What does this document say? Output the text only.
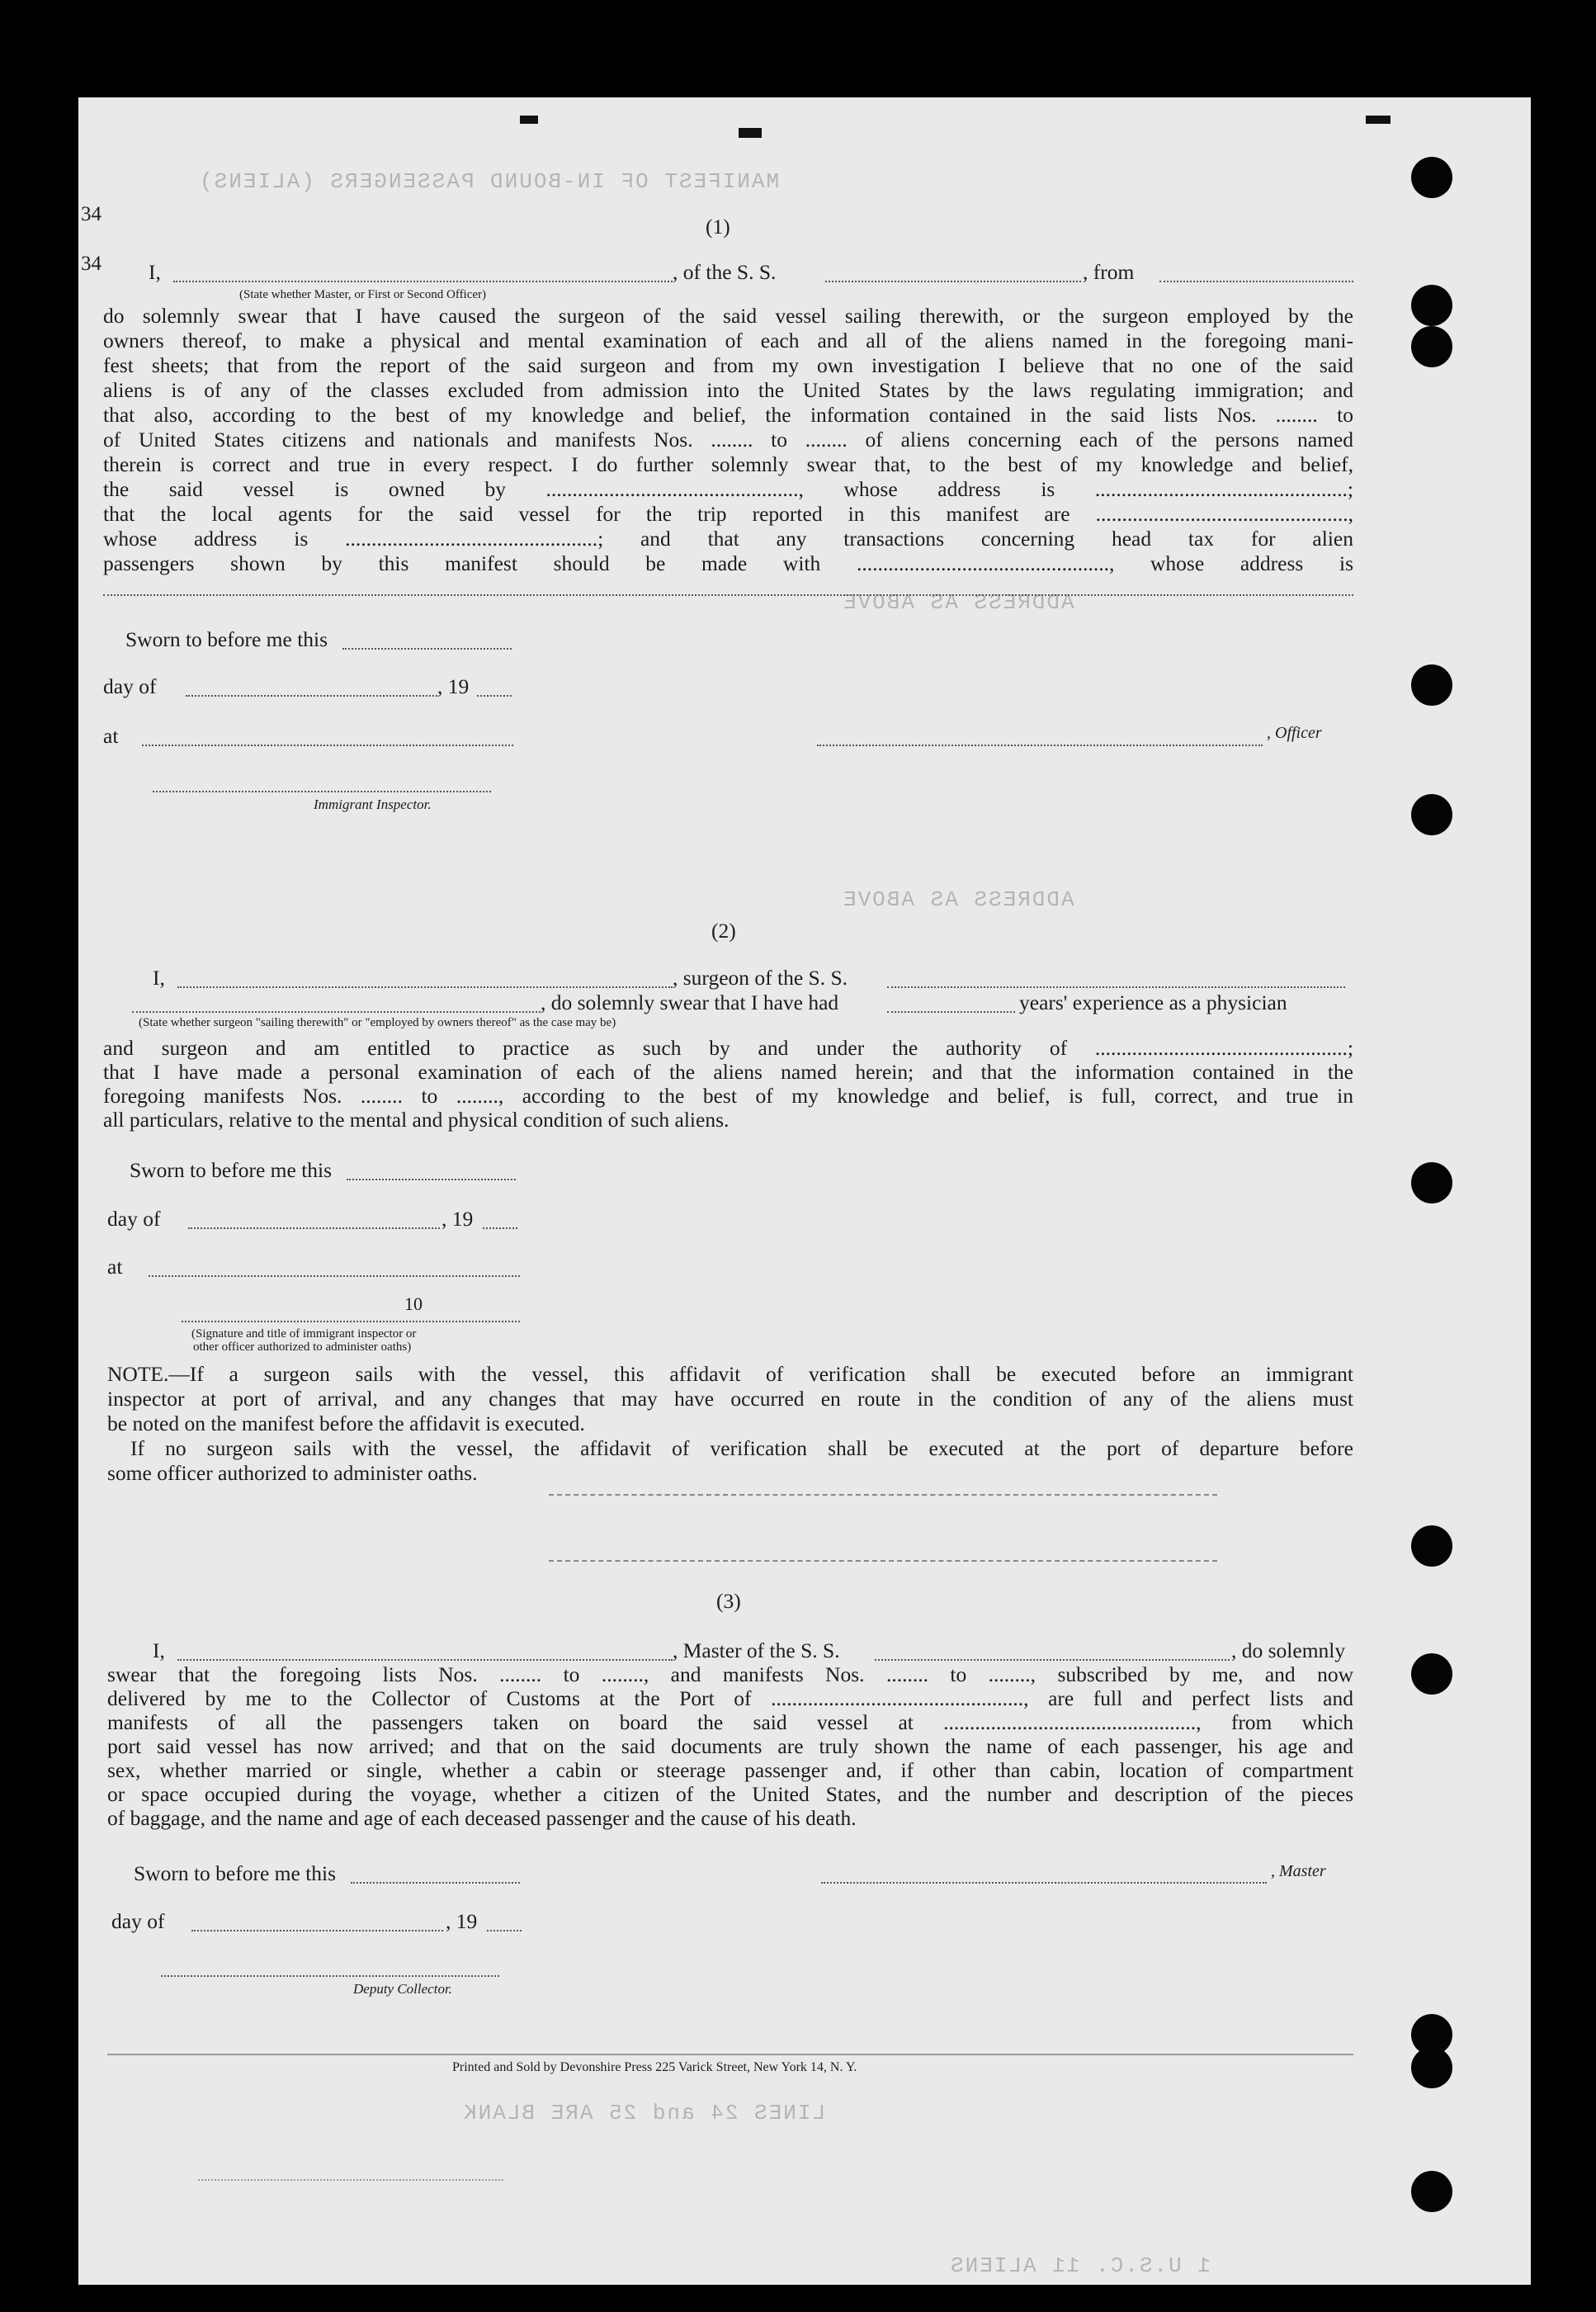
MANIFEST OF IN-BOUND PASSENGERS (ALIENS)
ADDRESS AS ABOVE
ADDRESS AS ABOVE
LINES 24 and 25 ARE BLANK
1 U.S.C. 11 ALIENS
34
34
(1)
I,	, of the S. S.	, from
(State whether Master, or First or Second Officer)
do solemnly swear that I have caused the surgeon of the said vessel sailing therewith, or the surgeon employed by the
owners thereof, to make a physical and mental examination of each and all of the aliens named in the foregoing mani-
fest sheets; that from the report of the said surgeon and from my own investigation I believe that no one of the said
aliens is of any of the classes excluded from admission into the United States by the laws regulating immigration; and
that also, according to the best of my knowledge and belief, the information contained in the said lists Nos. ........ to
of United States citizens and nationals and manifests Nos. ........ to ........ of aliens concerning each of the persons named
therein is correct and true in every respect. I do further solemnly swear that, to the best of my knowledge and belief,
the said vessel is owned by ................................................, whose address is ................................................;
that the local agents for the said vessel for the trip reported in this manifest are ................................................,
whose address is ................................................; and that any transactions concerning head tax for alien
passengers shown by this manifest should be made with ................................................, whose address is
Sworn to before me this
day of	, 19
at	, Officer
Immigrant Inspector.
(2)
I,	, surgeon of the S. S.
, do solemnly swear that I have had	years' experience as a physician
(State whether surgeon "sailing therewith" or "employed by owners thereof" as the case may be)
and surgeon and am entitled to practice as such by and under the authority of ................................................;
that I have made a personal examination of each of the aliens named herein; and that the information contained in the
foregoing manifests Nos. ........ to ........, according to the best of my knowledge and belief, is full, correct, and true in
all particulars, relative to the mental and physical condition of such aliens.
Sworn to before me this
day of	, 19
at
10
(Signature and title of immigrant inspector or
other officer authorized to administer oaths)
NOTE.—If a surgeon sails with the vessel, this affidavit of verification shall be executed before an immigrant
inspector at port of arrival, and any changes that may have occurred en route in the condition of any of the aliens must
be noted on the manifest before the affidavit is executed.
If no surgeon sails with the vessel, the affidavit of verification shall be executed at the port of departure before
some officer authorized to administer oaths.
(3)
I,	, Master of the S. S.	, do solemnly
swear that the foregoing lists Nos. ........ to ........, and manifests Nos. ........ to ........, subscribed by me, and now
delivered by me to the Collector of Customs at the Port of ................................................, are full and perfect lists and
manifests of all the passengers taken on board the said vessel at ................................................, from which
port said vessel has now arrived; and that on the said documents are truly shown the name of each passenger, his age and
sex, whether married or single, whether a cabin or steerage passenger and, if other than cabin, location of compartment
or space occupied during the voyage, whether a citizen of the United States, and the number and description of the pieces
of baggage, and the name and age of each deceased passenger and the cause of his death.
Sworn to before me this	, Master
day of	, 19
Deputy Collector.
Printed and Sold by Devonshire Press 225 Varick Street, New York 14, N. Y.
